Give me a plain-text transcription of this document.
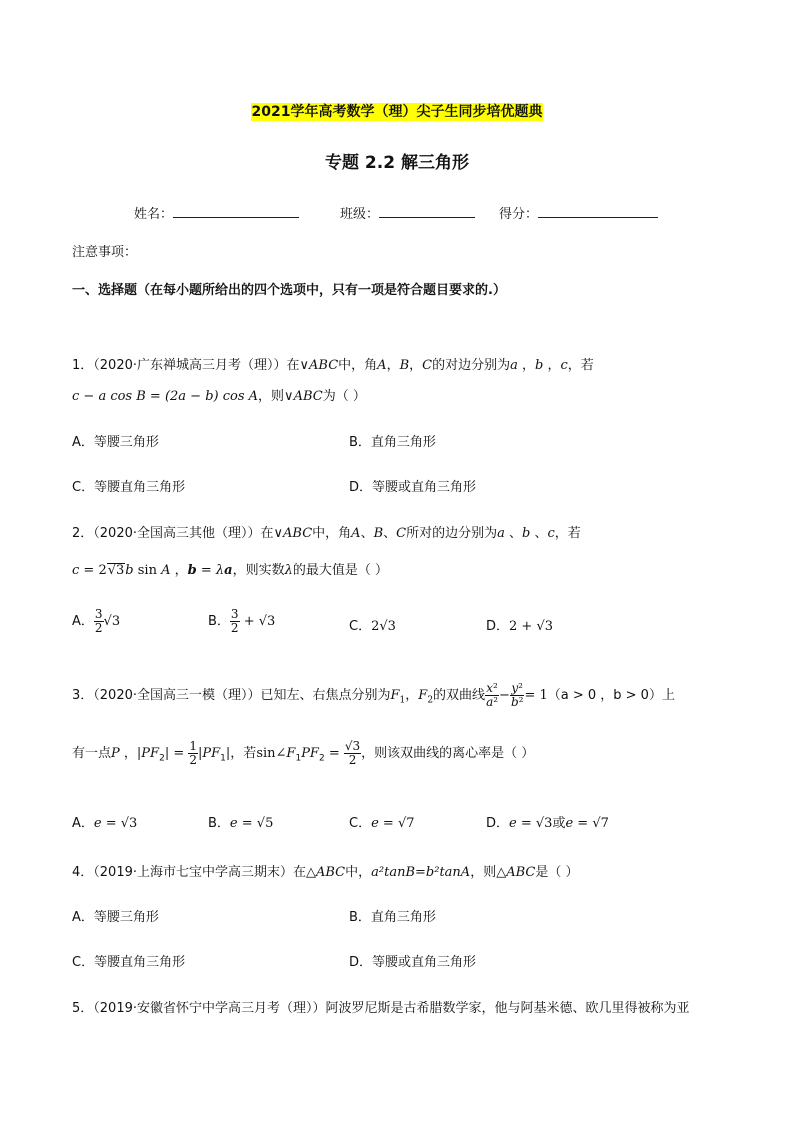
2021学年高考数学（理）尖子生同步培优题典
专题 2.2 解三角形
姓名：	班级：	得分：
注意事项：
一、选择题（在每小题所给出的四个选项中，只有一项是符合题目要求的.）
1．（2020·广东禅城高三月考（理））在∨ABC中，角A，B，C的对边分别为a ，b ，c，若
c − a cos B = (2a − b) cos A，则∨ABC为（ ）
A．等腰三角形	B．直角三角形
C．等腰直角三角形	D．等腰或直角三角形
2．（2020·全国高三其他（理））在∨ABC中，角A、B、C所对的边分别为a 、b 、c，若
c = 2√3b sin A ，b = λa，则实数λ的最大值是（ ）
A． $\frac{3}{2} √3$	B． $\frac{3}{2} + √3$	C．2√3	D．2 + √3
3．（2020·全国高三一模（理））已知左、右焦点分别为$F_1$，$F_2$的双曲线 $\frac{\text{x²}}{\text{a²}} - \frac{\text{y²}}{\text{b²}} = 1(a > 0$ ，b > 0）上
有一点P ，$|PF_2| = \frac{1}{2} |PF_1|$，若$\sin\angle F_1PF_2 = \frac{√3}{2}$ ，则该双曲线的离心率是（ ）
A．e = √3	B．e = √5	C．e = √7	D．e = √3或e = √7
4．（2019·上海市七宝中学高三期末）在△ABC中，a²tanB=b²tanA，则△ABC是（ ）
A．等腰三角形	B．直角三角形
C．等腰直角三角形	D．等腰或直角三角形
5．（2019·安徽省怀宁中学高三月考（理））阿波罗尼斯是古希腊数学家，他与阿基米德、欧几里得被称为亚
